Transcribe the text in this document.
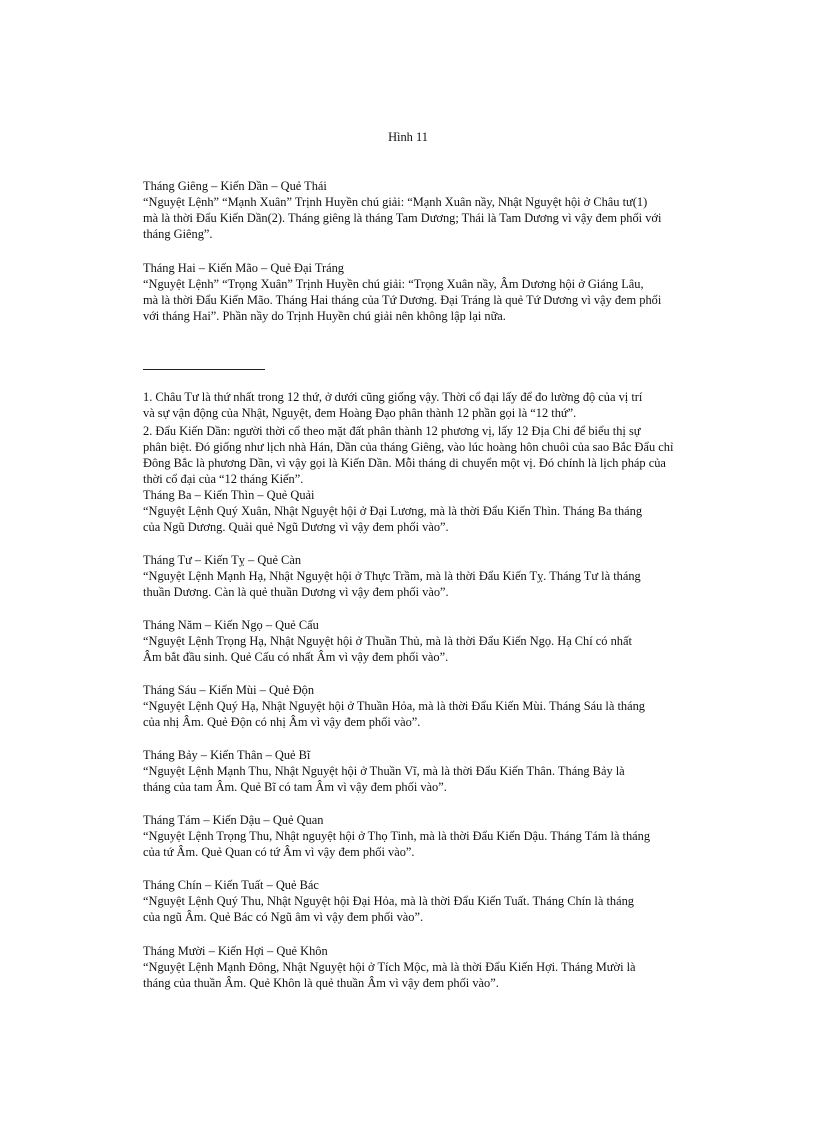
Hình 11
Tháng Giêng – Kiến Dần – Quẻ Thái
“Nguyệt Lệnh” “Mạnh Xuân” Trịnh Huyền chú giải: “Mạnh Xuân nầy, Nhật Nguyệt hội ở Châu tư(1)
mà là thời Đẩu Kiến Dần(2). Tháng giêng là tháng Tam Dương; Thái là Tam Dương vì vậy đem phối với
tháng Giêng”.
Tháng Hai – Kiến Mão – Quẻ Đại Tráng
“Nguyệt Lệnh” “Trọng Xuân” Trịnh Huyền chú giải: “Trọng Xuân nầy, Âm Dương hội ở Giáng Lâu,
mà là thời Đẩu Kiến Mão. Tháng Hai tháng của Tứ Dương. Đại Tráng là quẻ Tứ Dương vì vậy đem phối
với tháng Hai”. Phần nầy do Trịnh Huyền chú giải nên không lập lại nữa.
1. Châu Tư là thứ nhất trong 12 thứ, ở dưới cũng giống vậy. Thời cổ đại lấy để đo lường độ của vị trí
và sự vận động của Nhật, Nguyệt, đem Hoàng Đạo phân thành 12 phần gọi là “12 thứ”.
2. Đẩu Kiến Dần: người thời cổ theo mặt đất phân thành 12 phương vị, lấy 12 Địa Chi để biểu thị sự
phân biệt. Đó giống như lịch nhà Hán, Dần của tháng Giêng, vào lúc hoàng hôn chuôi của sao Bắc Đẩu chỉ
Đông Bắc là phương Dần, vì vậy gọi là Kiến Dần. Mỗi tháng di chuyển một vị. Đó chính là lịch pháp của
thời cổ đại của “12 tháng Kiến”.
Tháng Ba – Kiến Thìn – Quẻ Quải
“Nguyệt Lệnh Quý Xuân, Nhật Nguyệt hội ở Đại Lương, mà là thời Đẩu Kiến Thìn. Tháng Ba tháng
của Ngũ Dương. Quải quẻ Ngũ Dương vì vậy đem phối vào”.
Tháng Tư – Kiến Tỵ – Quẻ Càn
“Nguyệt Lệnh Mạnh Hạ, Nhật Nguyệt hội ở Thực Trầm, mà là thời Đẩu Kiến Tỵ. Tháng Tư là tháng
thuần Dương. Càn là quẻ thuần Dương vì vậy đem phối vào”.
Tháng Năm – Kiến Ngọ – Quẻ Cấu
“Nguyệt Lệnh Trọng Hạ, Nhật Nguyệt hội ở Thuần Thủ, mà là thời Đẩu Kiến Ngọ. Hạ Chí có nhất
Âm bắt đầu sinh. Quẻ Cấu có nhất Âm vì vậy đem phối vào”.
Tháng Sáu – Kiến Mùi – Quẻ Độn
“Nguyệt Lệnh Quý Hạ, Nhật Nguyệt hội ở Thuần Hỏa, mà là thời Đẩu Kiến Mùi. Tháng Sáu là tháng
của nhị Âm. Quẻ Độn có nhị Âm vì vậy đem phối vào”.
Tháng Bảy – Kiến Thân – Quẻ Bĩ
“Nguyệt Lệnh Mạnh Thu, Nhật Nguyệt hội ở Thuần Vĩ, mà là thời Đẩu Kiến Thân. Tháng Bảy là
tháng của tam Âm. Quẻ Bĩ có tam Âm vì vậy đem phối vào”.
Tháng Tám – Kiến Dậu – Quẻ Quan
“Nguyệt Lệnh Trọng Thu, Nhật nguyệt hội ở Thọ Tinh, mà là thời Đẩu Kiến Dậu. Tháng Tám là tháng
của tứ Âm. Quẻ Quan có tứ Âm vì vậy đem phối vào”.
Tháng Chín – Kiến Tuất – Quẻ Bác
“Nguyệt Lệnh Quý Thu, Nhật Nguyệt hội Đại Hỏa, mà là thời Đẩu Kiến Tuất. Tháng Chín là tháng
của ngũ Âm. Quẻ Bác có Ngũ âm vì vậy đem phối vào”.
Tháng Mười – Kiến Hợi – Quẻ Khôn
“Nguyệt Lệnh Mạnh Đông, Nhật Nguyệt hội ở Tích Mộc, mà là thời Đẩu Kiến Hợi. Tháng Mười là
tháng của thuần Âm. Quẻ Khôn là quẻ thuần Âm vì vậy đem phối vào”.
